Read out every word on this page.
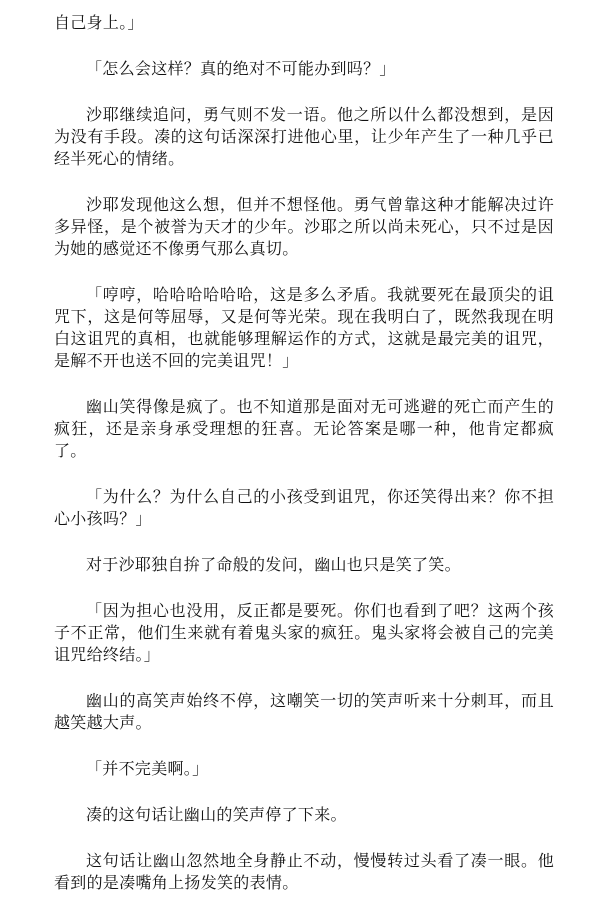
自己身上。」

「怎么会这样？真的绝对不可能办到吗？」

沙耶继续追问，勇气则不发一语。他之所以什么都没想到，是因为没有手段。凑的这句话深深打进他心里，让少年产生了一种几乎已经半死心的情绪。

沙耶发现他这么想，但并不想怪他。勇气曾靠这种才能解决过许多异怪，是个被誉为天才的少年。沙耶之所以尚未死心，只不过是因为她的感觉还不像勇气那么真切。

「哼哼，哈哈哈哈哈哈，这是多么矛盾。我就要死在最顶尖的诅咒下，这是何等屈辱，又是何等光荣。现在我明白了，既然我现在明白这诅咒的真相，也就能够理解运作的方式，这就是最完美的诅咒，是解不开也送不回的完美诅咒！」

幽山笑得像是疯了。也不知道那是面对无可逃避的死亡而产生的疯狂，还是亲身承受理想的狂喜。无论答案是哪一种，他肯定都疯了。

「为什么？为什么自己的小孩受到诅咒，你还笑得出来？你不担心小孩吗？」

对于沙耶独自拚了命般的发问，幽山也只是笑了笑。

「因为担心也没用，反正都是要死。你们也看到了吧？这两个孩子不正常，他们生来就有着鬼头家的疯狂。鬼头家将会被自己的完美诅咒给终结。」

幽山的高笑声始终不停，这嘲笑一切的笑声听来十分刺耳，而且越笑越大声。

「并不完美啊。」

凑的这句话让幽山的笑声停了下来。

这句话让幽山忽然地全身静止不动，慢慢转过头看了凑一眼。他看到的是凑嘴角上扬发笑的表情。
